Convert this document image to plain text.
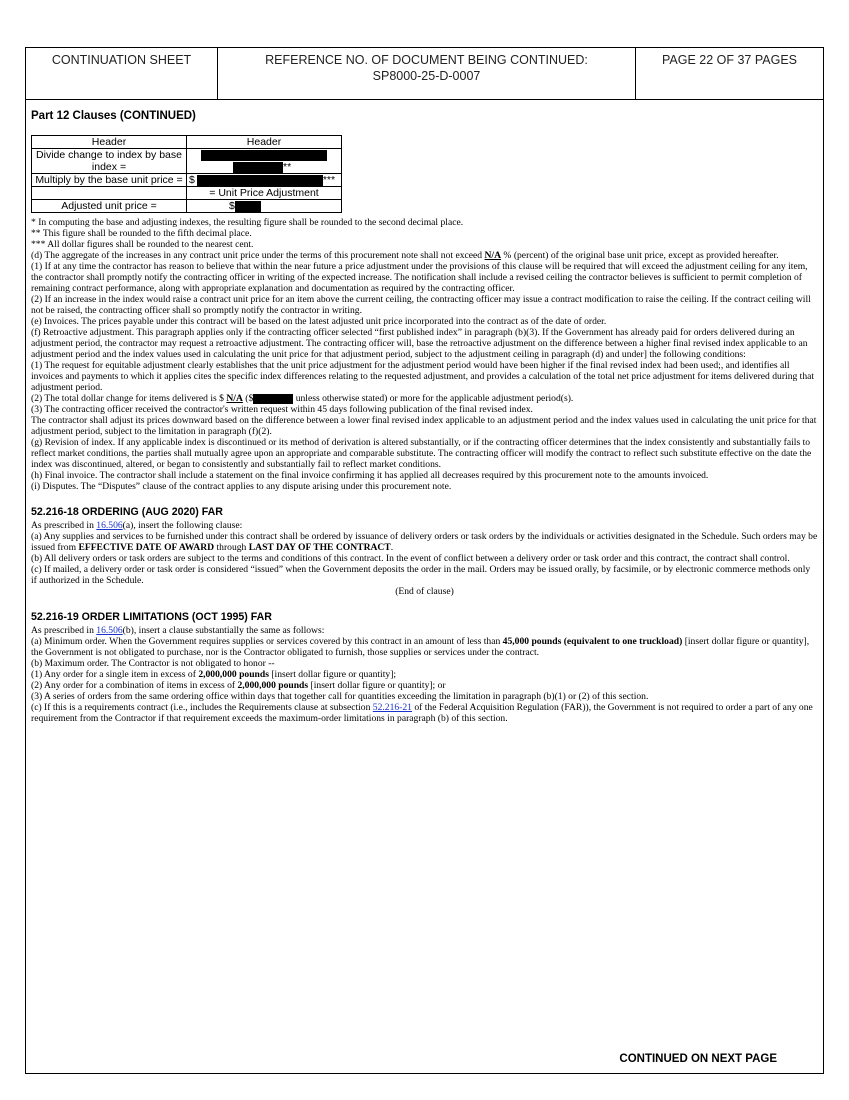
CONTINUATION SHEET	REFERENCE NO. OF DOCUMENT BEING CONTINUED:
SP8000-25-D-0007
PAGE 22 OF 37 PAGES
Part 12 Clauses (CONTINUED)
Header	Header
Divide change to index by base index =	**

Multiply by the base unit price =	$ ***
	= Unit Price Adjustment
Adjusted unit price =	$

* In computing the base and adjusting indexes, the resulting figure shall be rounded to the second decimal place.

** This figure shall be rounded to the fifth decimal place.

*** All dollar figures shall be rounded to the nearest cent.

(d) The aggregate of the increases in any contract unit price under the terms of this procurement note shall not exceed N/A % (percent) of the original base unit price, except as provided hereafter.

(1) If at any time the contractor has reason to believe that within the near future a price adjustment under the provisions of this clause will be required that will exceed the adjustment ceiling for any item, the contractor shall promptly notify the contracting officer in writing of the expected increase. The notification shall include a revised ceiling the contractor believes is sufficient to permit completion of remaining contract performance, along with appropriate explanation and documentation as required by the contracting officer.

(2) If an increase in the index would raise a contract unit price for an item above the current ceiling, the contracting officer may issue a contract modification to raise the ceiling. If the contract ceiling will not be raised, the contracting officer shall so promptly notify the contractor in writing.

(e) Invoices. The prices payable under this contract will be based on the latest adjusted unit price incorporated into the contract as of the date of order.

(f) Retroactive adjustment. This paragraph applies only if the contracting officer selected “first published index” in paragraph (b)(3). If the Government has already paid for orders delivered during an adjustment period, the contractor may request a retroactive adjustment. The contracting officer will, base the retroactive adjustment on the difference between a higher final revised index applicable to an adjustment period and the index values used in calculating the unit price for that adjustment period, subject to the adjustment ceiling in paragraph (d) and under] the following conditions:

(1) The request for equitable adjustment clearly establishes that the unit price adjustment for the adjustment period would have been higher if the final revised index had been used;, and identifies all invoices and payments to which it applies cites the specific index differences relating to the requested adjustment, and provides a calculation of the total net price adjustment for items delivered during that adjustment period.

(2) The total dollar change for items delivered is $ N/A ($	unless otherwise stated) or more for the applicable adjustment period(s).

(3) The contracting officer received the contractor's written request within 45 days following publication of the final revised index.

The contractor shall adjust its prices downward based on the difference between a lower final revised index applicable to an adjustment period and the index values used in calculating the unit price for that adjustment period, subject to the limitation in paragraph (f)(2).

(g) Revision of index. If any applicable index is discontinued or its method of derivation is altered substantially, or if the contracting officer determines that the index consistently and substantially fails to reflect market conditions, the parties shall mutually agree upon an appropriate and comparable substitute. The contracting officer will modify the contract to reflect such substitute effective on the date the index was discontinued, altered, or began to consistently and substantially fail to reflect market conditions.

(h) Final invoice. The contractor shall include a statement on the final invoice confirming it has applied all decreases required by this procurement note to the amounts invoiced.

(i) Disputes. The “Disputes” clause of the contract applies to any dispute arising under this procurement note.

52.216-18 ORDERING (AUG 2020) FAR

As prescribed in 16.506(a), insert the following clause:

(a) Any supplies and services to be furnished under this contract shall be ordered by issuance of delivery orders or task orders by the individuals or activities designated in the Schedule. Such orders may be issued from EFFECTIVE DATE OF AWARD through LAST DAY OF THE CONTRACT.

(b) All delivery orders or task orders are subject to the terms and conditions of this contract. In the event of conflict between a delivery order or task order and this contract, the contract shall control.

(c) If mailed, a delivery order or task order is considered “issued” when the Government deposits the order in the mail. Orders may be issued orally, by facsimile, or by electronic commerce methods only if authorized in the Schedule.

(End of clause)

52.216-19 ORDER LIMITATIONS (OCT 1995) FAR

As prescribed in 16.506(b), insert a clause substantially the same as follows:

(a) Minimum order. When the Government requires supplies or services covered by this contract in an amount of less than 45,000 pounds (equivalent to one truckload) [insert dollar figure or quantity], the Government is not obligated to purchase, nor is the Contractor obligated to furnish, those supplies or services under the contract.

(b) Maximum order. The Contractor is not obligated to honor --

(1) Any order for a single item in excess of 2,000,000 pounds [insert dollar figure or quantity];

(2) Any order for a combination of items in excess of 2,000,000 pounds [insert dollar figure or quantity]; or

(3) A series of orders from the same ordering office within days that together call for quantities exceeding the limitation in paragraph (b)(1) or (2) of this section.

(c) If this is a requirements contract (i.e., includes the Requirements clause at subsection 52.216-21 of the Federal Acquisition Regulation (FAR)), the Government is not required to order a part of any one requirement from the Contractor if that requirement exceeds the maximum-order limitations in paragraph (b) of this section.

CONTINUED ON NEXT PAGE
